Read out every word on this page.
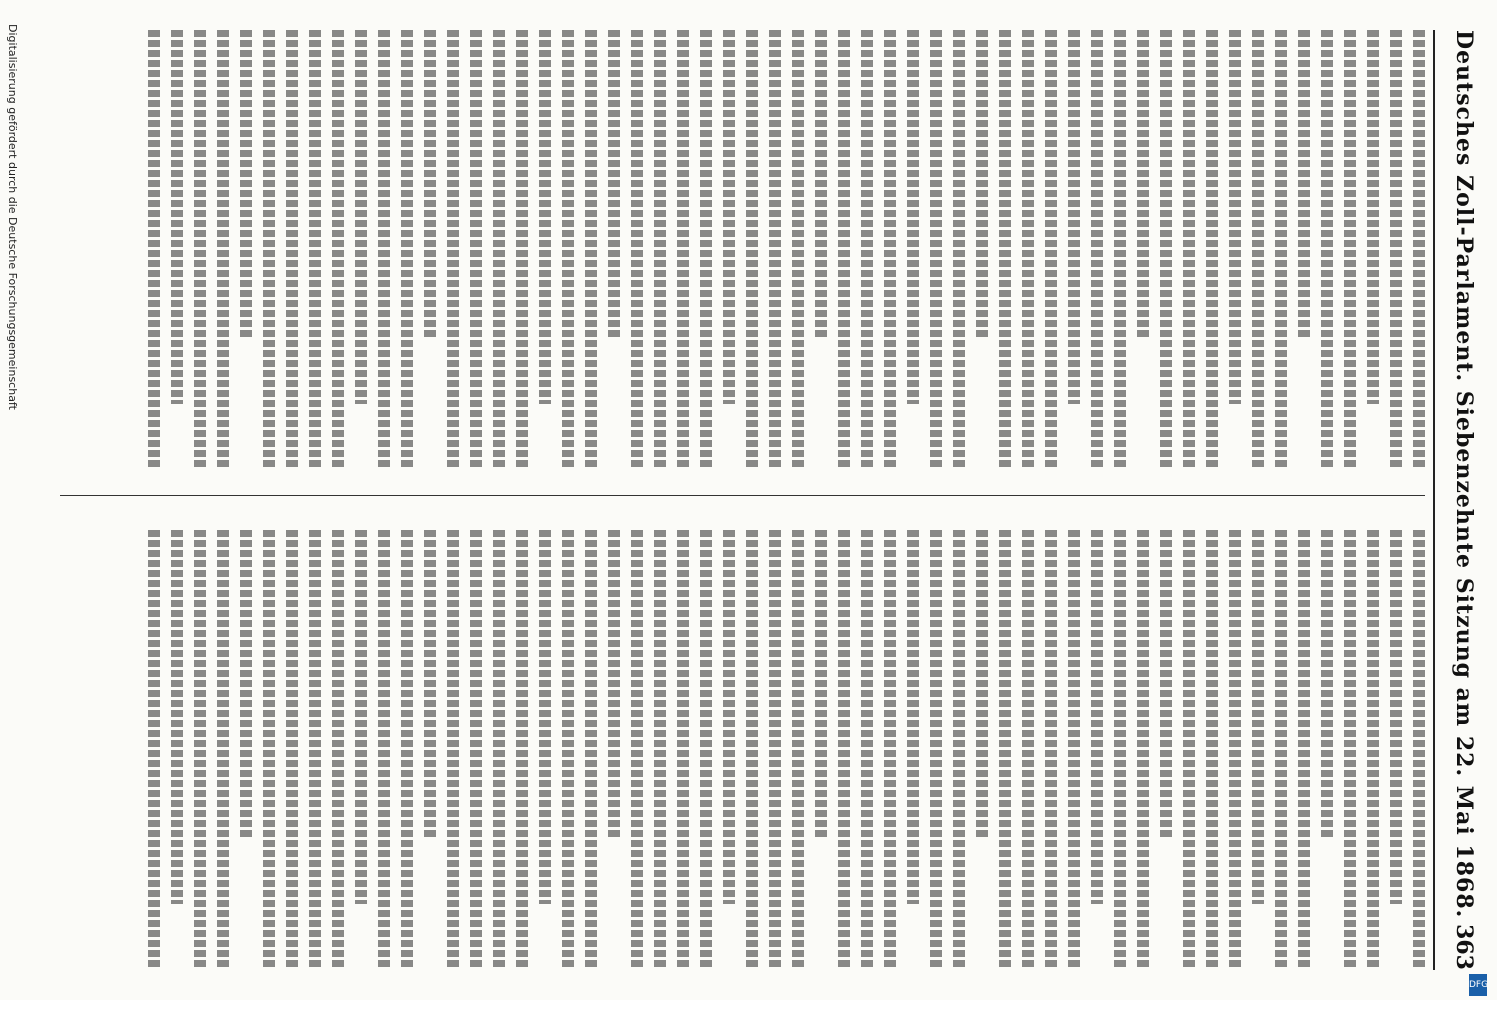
Deutsches Zoll-Parlament. Siebenzehnte Sitzung am 22. Mai 1868.
363
Digitalisierung gefördert durch die Deutsche Forschungsgemeinschaft
DFG
